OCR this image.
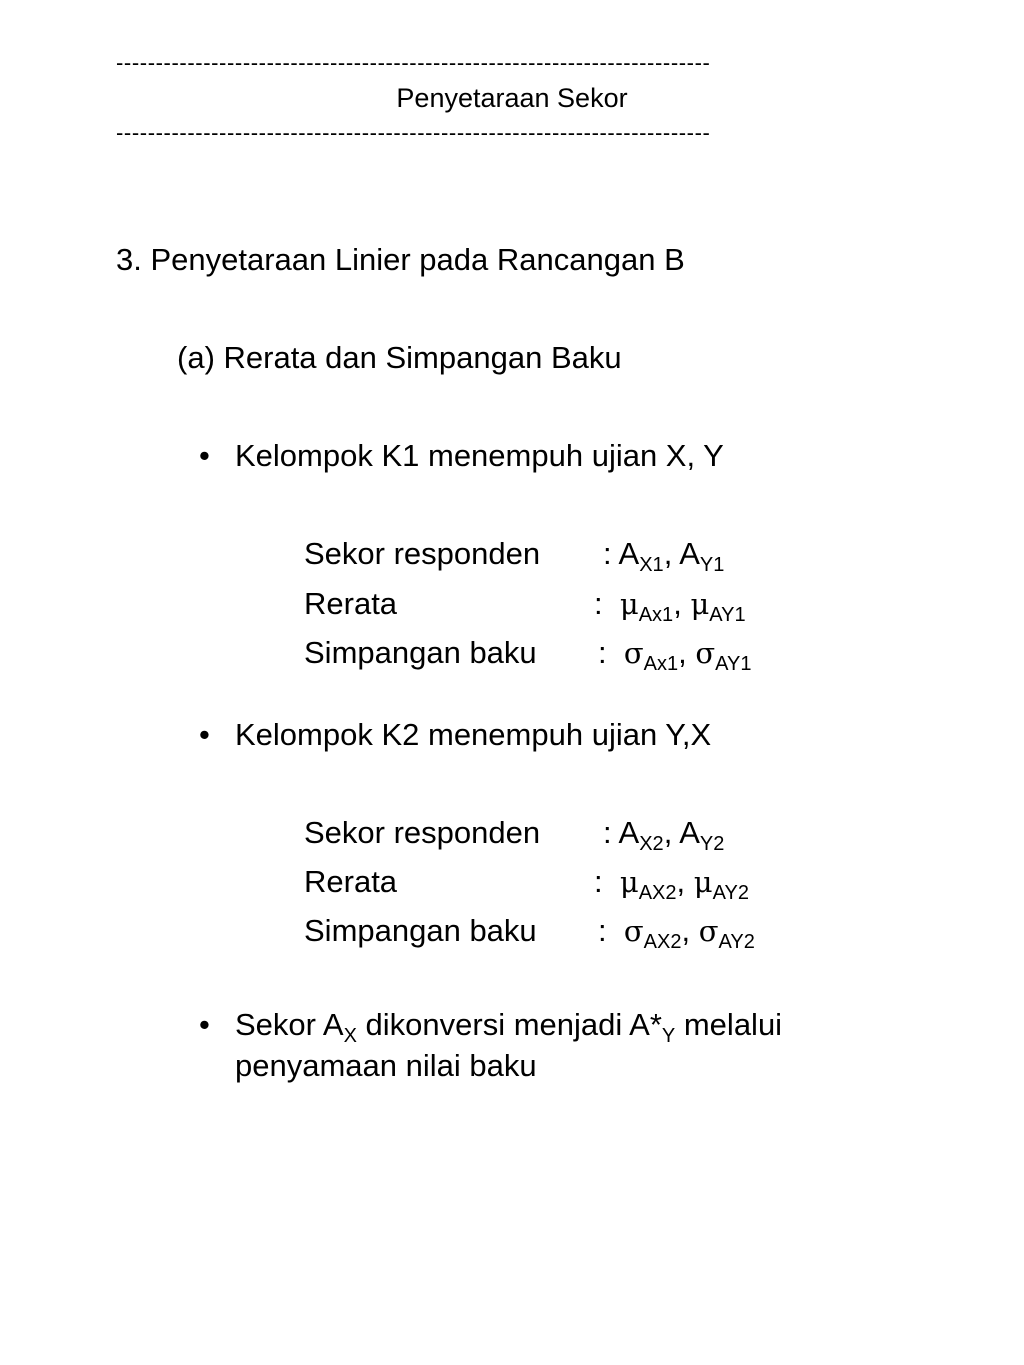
---------------------------------------------------------------------------
Penyetaraan Sekor
---------------------------------------------------------------------------
3. Penyetaraan Linier pada Rancangan B
(a) Rerata dan Simpangan Baku
• Kelompok K1 menempuh ujian X, Y
Sekor responden : $A_{X1}$, $A_{Y1}$
Rerata	: $\mu_{Ax1}$, $\mu_{AY1}$
Simpangan baku : $\sigma_{Ax1}$, $\sigma_{AY1}$
• Kelompok K2 menempuh ujian Y,X
Sekor responden : $A_{X2}$, $A_{Y2}$
Rerata	: $\mu_{AX2}$, $\mu_{AY2}$
Simpangan baku : $\sigma_{AX2}$, $\sigma_{AY2}$
• Sekor $A_X$ dikonversi menjadi $A*_Y$ melalui
penyamaan nilai baku
